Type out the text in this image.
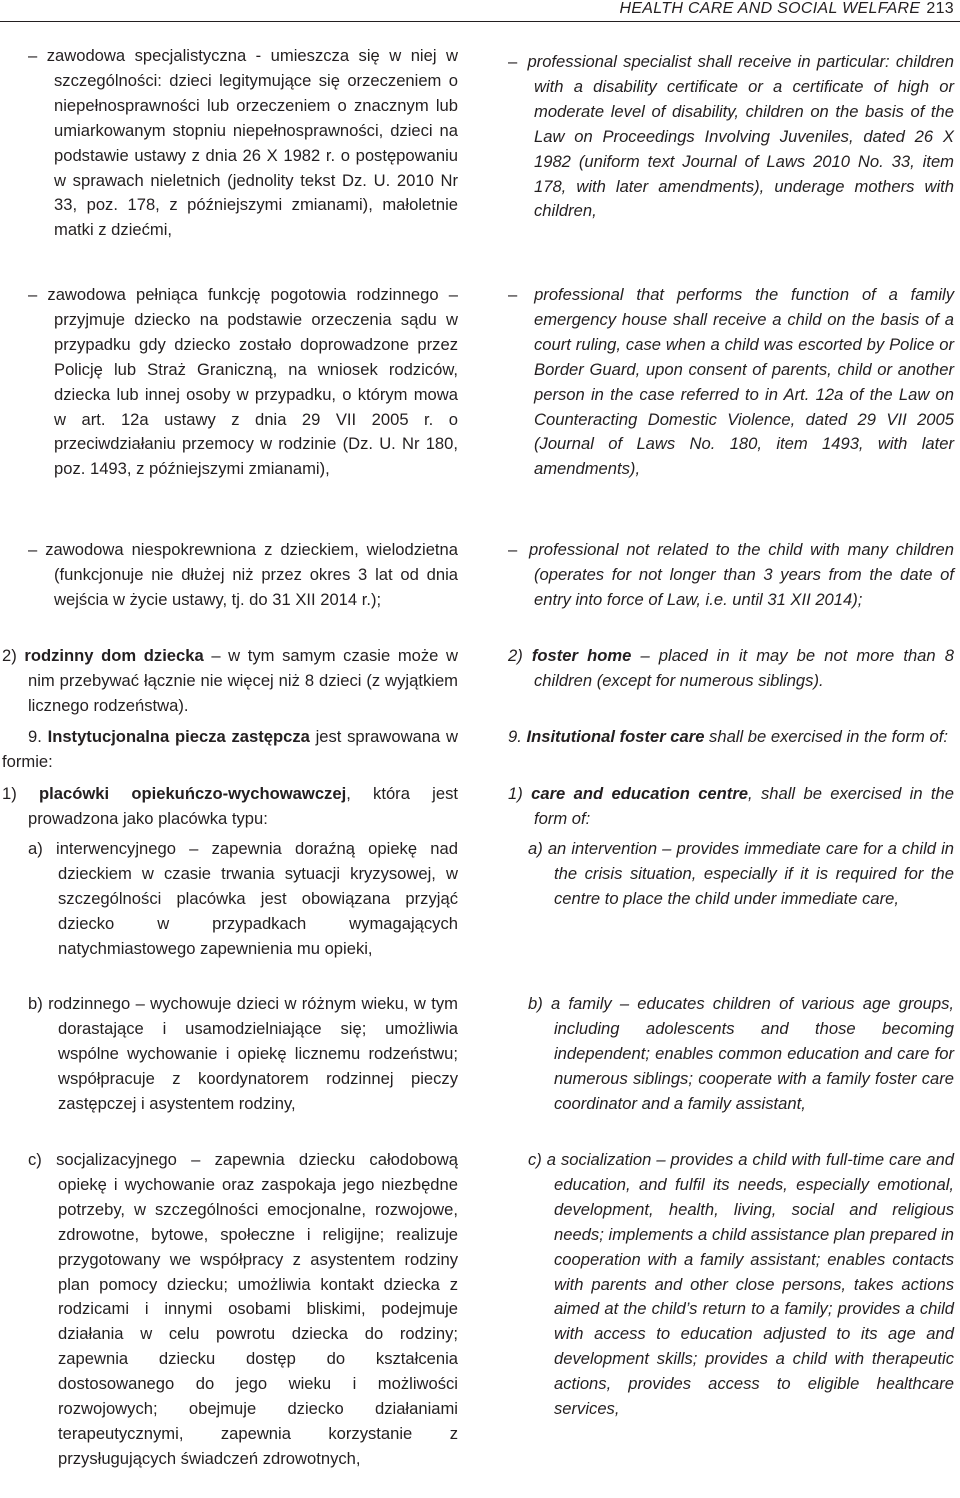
HEALTH CARE AND SOCIAL WELFARE 213

– zawodowa specjalistyczna - umieszcza się w niej w szczególności: dzieci legitymujące się orzeczeniem o niepełnosprawności lub orzeczeniem o znacznym lub umiarkowanym stopniu niepełnosprawności, dzieci na podstawie ustawy z dnia 26 X 1982 r. o postępowaniu w sprawach nieletnich (jednolity tekst Dz. U. 2010 Nr 33, poz. 178, z późniejszymi zmianami), małoletnie matki z dziećmi,

– zawodowa pełniąca funkcję pogotowia rodzinnego – przyjmuje dziecko na podstawie orzeczenia sądu w przypadku gdy dziecko zostało doprowadzone przez Policję lub Straż Graniczną, na wniosek rodziców, dziecka lub innej osoby w przypadku, o którym mowa w art. 12a ustawy z dnia 29 VII 2005 r. o przeciwdziałaniu przemocy w rodzinie (Dz. U. Nr 180, poz. 1493, z późniejszymi zmianami),

– zawodowa niespokrewniona z dzieckiem, wielodzietna (funkcjonuje nie dłużej niż przez okres 3 lat od dnia wejścia w życie ustawy, tj. do 31 XII 2014 r.);

2) rodzinny dom dziecka – w tym samym czasie może w nim przebywać łącznie nie więcej niż 8 dzieci (z wyjątkiem licznego rodzeństwa).

9. Instytucjonalna piecza zastępcza jest sprawowana w formie:

1) placówki opiekuńczo-wychowawczej, która jest prowadzona jako placówka typu:

a) interwencyjnego – zapewnia doraźną opiekę nad dzieckiem w czasie trwania sytuacji kryzysowej, w szczególności placówka jest obowiązana przyjąć dziecko w przypadkach wymagających natychmiastowego zapewnienia mu opieki,

b) rodzinnego – wychowuje dzieci w różnym wieku, w tym dorastające i usamodzielniające się; umożliwia wspólne wychowanie i opiekę licznemu rodzeństwu; współpracuje z koordynatorem rodzinnej pieczy zastępczej i asystentem rodziny,

c) socjalizacyjnego – zapewnia dziecku całodobową opiekę i wychowanie oraz zaspokaja jego niezbędne potrzeby, w szczególności emocjonalne, rozwojowe, zdrowotne, bytowe, społeczne i religijne; realizuje przygotowany we współpracy z asystentem rodziny plan pomocy dziecku; umożliwia kontakt dziecka z rodzicami i innymi osobami bliskimi, podejmuje działania w celu powrotu dziecka do rodziny; zapewnia dziecku dostęp do kształcenia dostosowanego do jego wieku i możliwości rozwojowych; obejmuje dziecko działaniami terapeutycznymi, zapewnia korzystanie z przysługujących świadczeń zdrowotnych,

– professional specialist shall receive in particular: children with a disability certificate or a certificate of high or moderate level of disability, children on the basis of the Law on Proceedings Involving Juveniles, dated 26 X 1982 (uniform text Journal of Laws 2010 No. 33, item 178, with later amendments), underage mothers with children,

– professional that performs the function of a family emergency house shall receive a child on the basis of a court ruling, case when a child was escorted by Police or Border Guard, upon consent of parents, child or another person in the case referred to in Art. 12a of the Law on Counteracting Domestic Violence, dated 29 VII 2005 (Journal of Laws No. 180, item 1493, with later amendments),

– professional not related to the child with many children (operates for not longer than 3 years from the date of entry into force of Law, i.e. until 31 XII 2014);

2) foster home – placed in it may be not more than 8 children (except for numerous siblings).

9. Insitutional foster care shall be exercised in the form of:

1) care and education centre, shall be exercised in the form of:

a) an intervention – provides immediate care for a child in the crisis situation, especially if it is required for the centre to place the child under immediate care,

b) a family – educates children of various age groups, including adolescents and those becoming independent; enables common education and care for numerous siblings; cooperate with a family foster care coordinator and a family assistant,

c) a socialization – provides a child with full-time care and education, and fulfil its needs, especially emotional, development, health, living, social and religious needs; implements a child assistance plan prepared in cooperation with a family assistant; enables contacts with parents and other close persons, takes actions aimed at the child’s return to a family; provides a child with access to education adjusted to its age and development skills; provides a child with therapeutic actions, provides access to eligible healthcare services,
